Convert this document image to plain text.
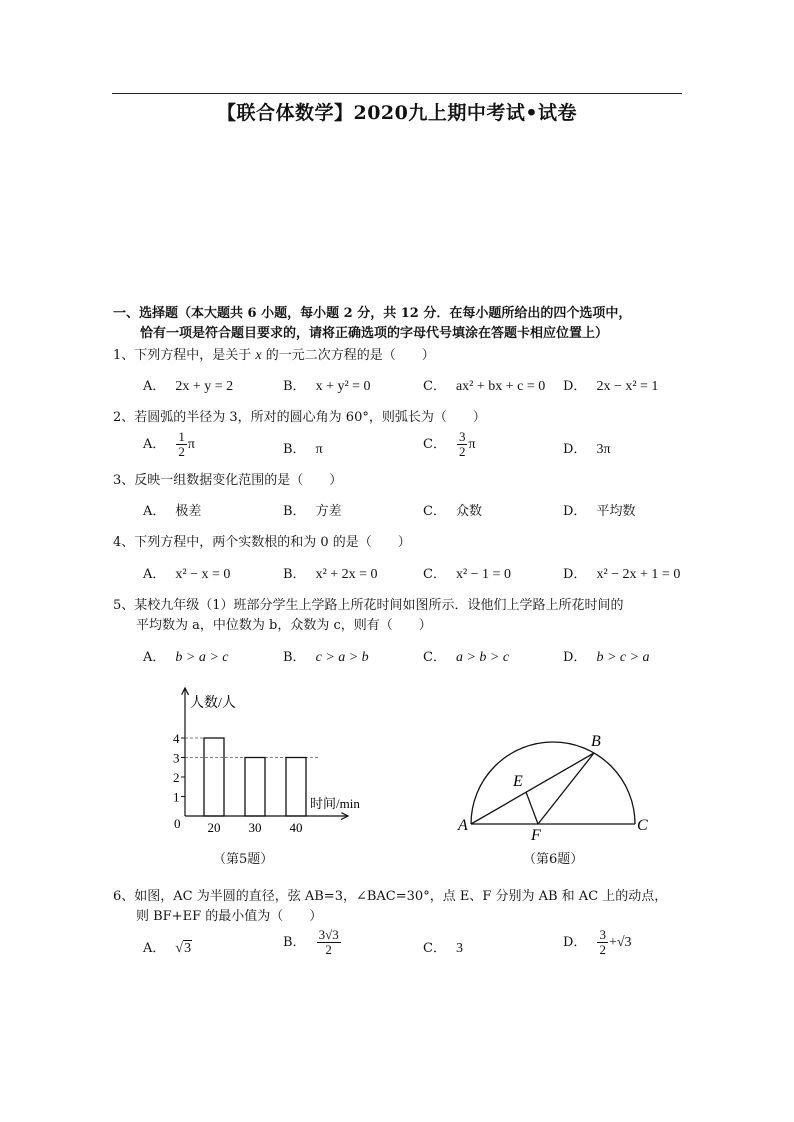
【联合体数学】2020九上期中考试•试卷
一、选择题（本大题共 6 小题，每小题 2 分，共 12 分．在每小题所给出的四个选项中，
恰有一项是符合题目要求的，请将正确选项的字母代号填涂在答题卡相应位置上）
1、下列方程中，是关于 x 的一元二次方程的是（　　）
A． 2x + y = 2	B． x + y² = 0	C． ax² + bx + c = 0 D． 2x − x² = 1
2、若圆弧的半径为 3，所对的圆心角为 60°，则弧长为（　　）
A． $\frac{1}{2}$ π	B． π	C． $\frac{3}{2}$ π	D． 3π
3、反映一组数据变化范围的是（　　）
A． 极差	B． 方差	C． 众数	D． 平均数
4、下列方程中，两个实数根的和为 0 的是（　　）
A． x² − x = 0	B． x² + 2x = 0	C． x² − 1 = 0	D． x² − 2x + 1 = 0
5、某校九年级（1）班部分学生上学路上所花时间如图所示．设他们上学路上所花时间的
平均数为 a，中位数为 b，众数为 c，则有（　　）
A． b > a > c	B． c > a > b	C． a > b > c	D． b > c > a
人数/人
时间/min
0
1
2
3
4
20 30 40
（第5题）
A
B
C
E
F
（第6题）
6、如图，AC 为半圆的直径，弦 AB=3，∠BAC=30°，点 E、F 分别为 AB 和 AC 上的动点，
则 BF+EF 的最小值为（　　）
A． √3	B． $\frac{3√3}{2}$	C． 3	D． $\frac{3}{2} +√3$
